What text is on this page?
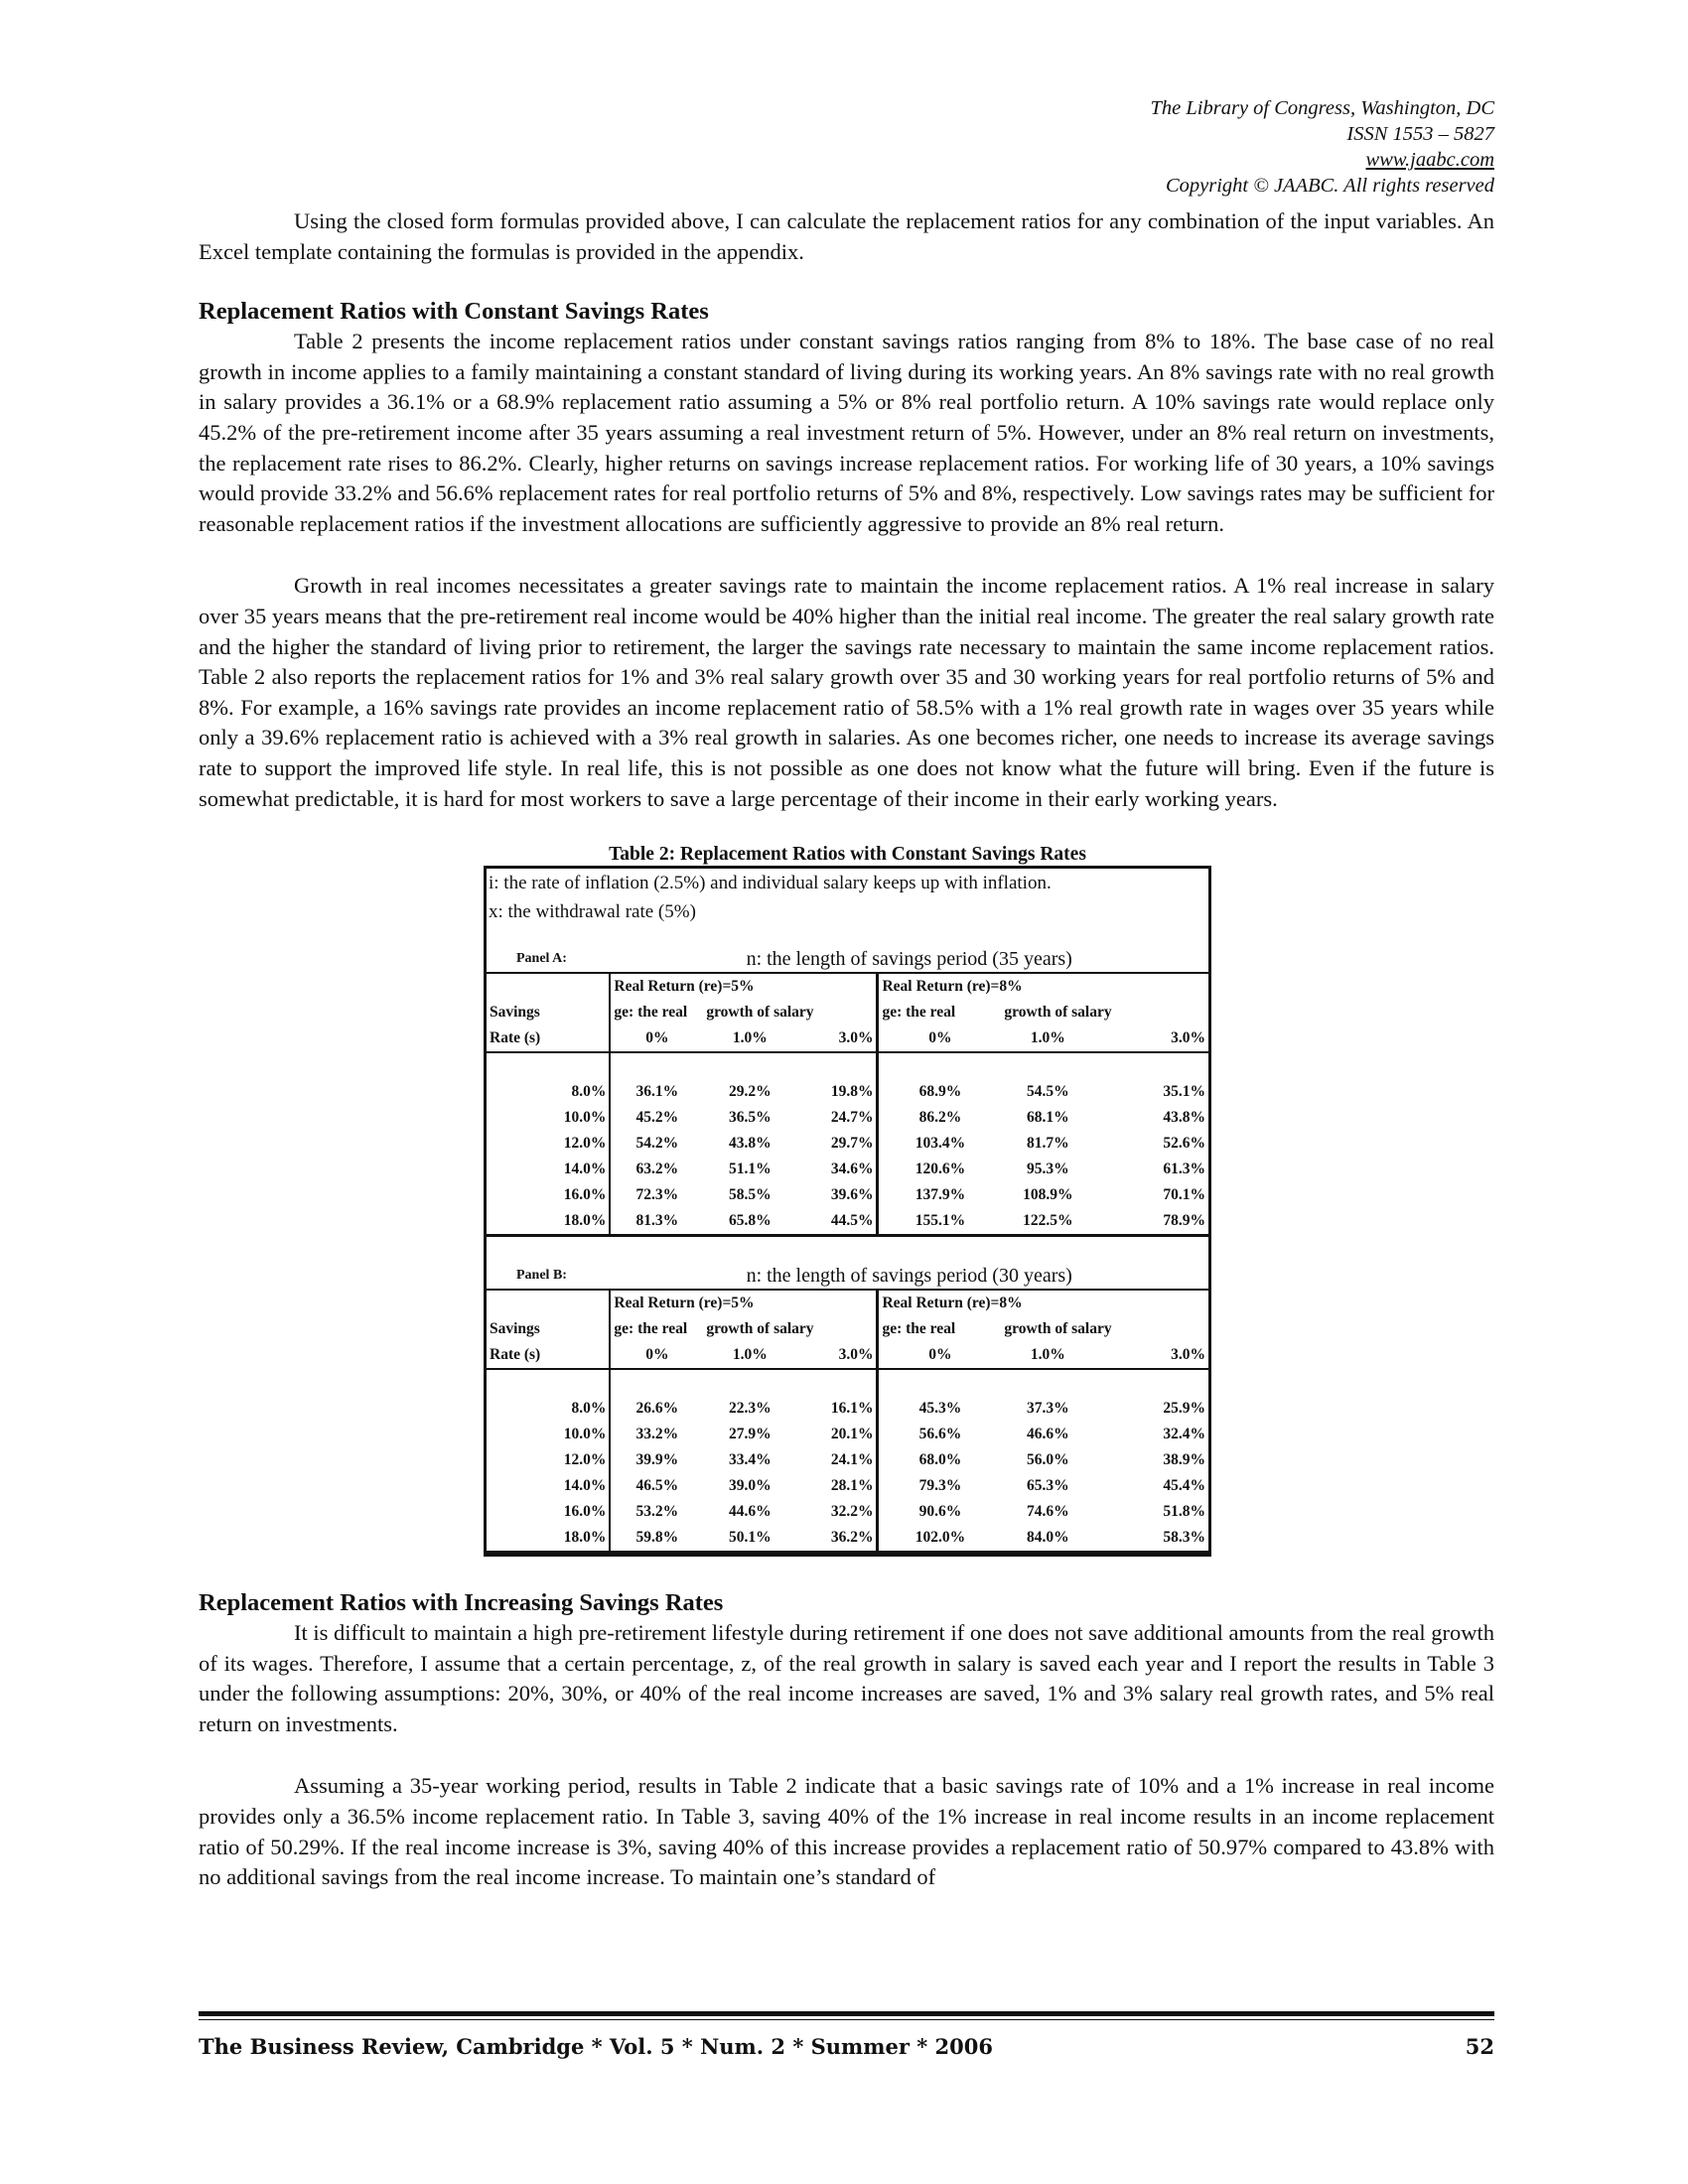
The Library of Congress, Washington, DC
ISSN 1553 – 5827
www.jaabc.com
Copyright © JAABC. All rights reserved

Using the closed form formulas provided above, I can calculate the replacement ratios for any combination of the input variables. An Excel template containing the formulas is provided in the appendix.

Replacement Ratios with Constant Savings Rates

Table 2 presents the income replacement ratios under constant savings ratios ranging from 8% to 18%. The base case of no real growth in income applies to a family maintaining a constant standard of living during its working years. An 8% savings rate with no real growth in salary provides a 36.1% or a 68.9% replacement ratio assuming a 5% or 8% real portfolio return. A 10% savings rate would replace only 45.2% of the pre-retirement income after 35 years assuming a real investment return of 5%. However, under an 8% real return on investments, the replacement rate rises to 86.2%. Clearly, higher returns on savings increase replacement ratios. For working life of 30 years, a 10% savings would provide 33.2% and 56.6% replacement rates for real portfolio returns of 5% and 8%, respectively. Low savings rates may be sufficient for reasonable replacement ratios if the investment allocations are sufficiently aggressive to provide an 8% real return.

Growth in real incomes necessitates a greater savings rate to maintain the income replacement ratios. A 1% real increase in salary over 35 years means that the pre-retirement real income would be 40% higher than the initial real income. The greater the real salary growth rate and the higher the standard of living prior to retirement, the larger the savings rate necessary to maintain the same income replacement ratios. Table 2 also reports the replacement ratios for 1% and 3% real salary growth over 35 and 30 working years for real portfolio returns of 5% and 8%. For example, a 16% savings rate provides an income replacement ratio of 58.5% with a 1% real growth rate in wages over 35 years while only a 39.6% replacement ratio is achieved with a 3% real growth in salaries. As one becomes richer, one needs to increase its average savings rate to support the improved life style. In real life, this is not possible as one does not know what the future will bring. Even if the future is somewhat predictable, it is hard for most workers to save a large percentage of their income in their early working years.

Table 2: Replacement Ratios with Constant Savings Rates
i: the rate of inflation (2.5%) and individual salary keeps up with inflation.
x: the withdrawal rate (5%)
Panel A:	n: the length of savings period (35 years)					
	Real Return (re)=5%			Real Return (re)=8%		
Savings	ge: the real	growth of salary		ge: the real	growth of salary	
Rate (s)	0%	1.0%	3.0%	0%	1.0%	3.0%

8.0%	36.1%	29.2%	19.8%	68.9%	54.5%	35.1%
10.0%	45.2%	36.5%	24.7%	86.2%	68.1%	43.8%
12.0%	54.2%	43.8%	29.7%	103.4%	81.7%	52.6%
14.0%	63.2%	51.1%	34.6%	120.6%	95.3%	61.3%
16.0%	72.3%	58.5%	39.6%	137.9%	108.9%	70.1%
18.0%	81.3%	65.8%	44.5%	155.1%	122.5%	78.9%

Panel B:	n: the length of savings period (30 years)					
	Real Return (re)=5%			Real Return (re)=8%		
Savings	ge: the real	growth of salary		ge: the real	growth of salary	
Rate (s)	0%	1.0%	3.0%	0%	1.0%	3.0%

8.0%	26.6%	22.3%	16.1%	45.3%	37.3%	25.9%
10.0%	33.2%	27.9%	20.1%	56.6%	46.6%	32.4%
12.0%	39.9%	33.4%	24.1%	68.0%	56.0%	38.9%
14.0%	46.5%	39.0%	28.1%	79.3%	65.3%	45.4%
16.0%	53.2%	44.6%	32.2%	90.6%	74.6%	51.8%
18.0%	59.8%	50.1%	36.2%	102.0%	84.0%	58.3%
Replacement Ratios with Increasing Savings Rates

It is difficult to maintain a high pre-retirement lifestyle during retirement if one does not save additional amounts from the real growth of its wages. Therefore, I assume that a certain percentage, z, of the real growth in salary is saved each year and I report the results in Table 3 under the following assumptions: 20%, 30%, or 40% of the real income increases are saved, 1% and 3% salary real growth rates, and 5% real return on investments.

Assuming a 35-year working period, results in Table 2 indicate that a basic savings rate of 10% and a 1% increase in real income provides only a 36.5% income replacement ratio. In Table 3, saving 40% of the 1% increase in real income results in an income replacement ratio of 50.29%. If the real income increase is 3%, saving 40% of this increase provides a replacement ratio of 50.97% compared to 43.8% with no additional savings from the real income increase. To maintain one’s standard of

The Business Review, Cambridge * Vol. 5 * Num. 2 * Summer * 2006	52
